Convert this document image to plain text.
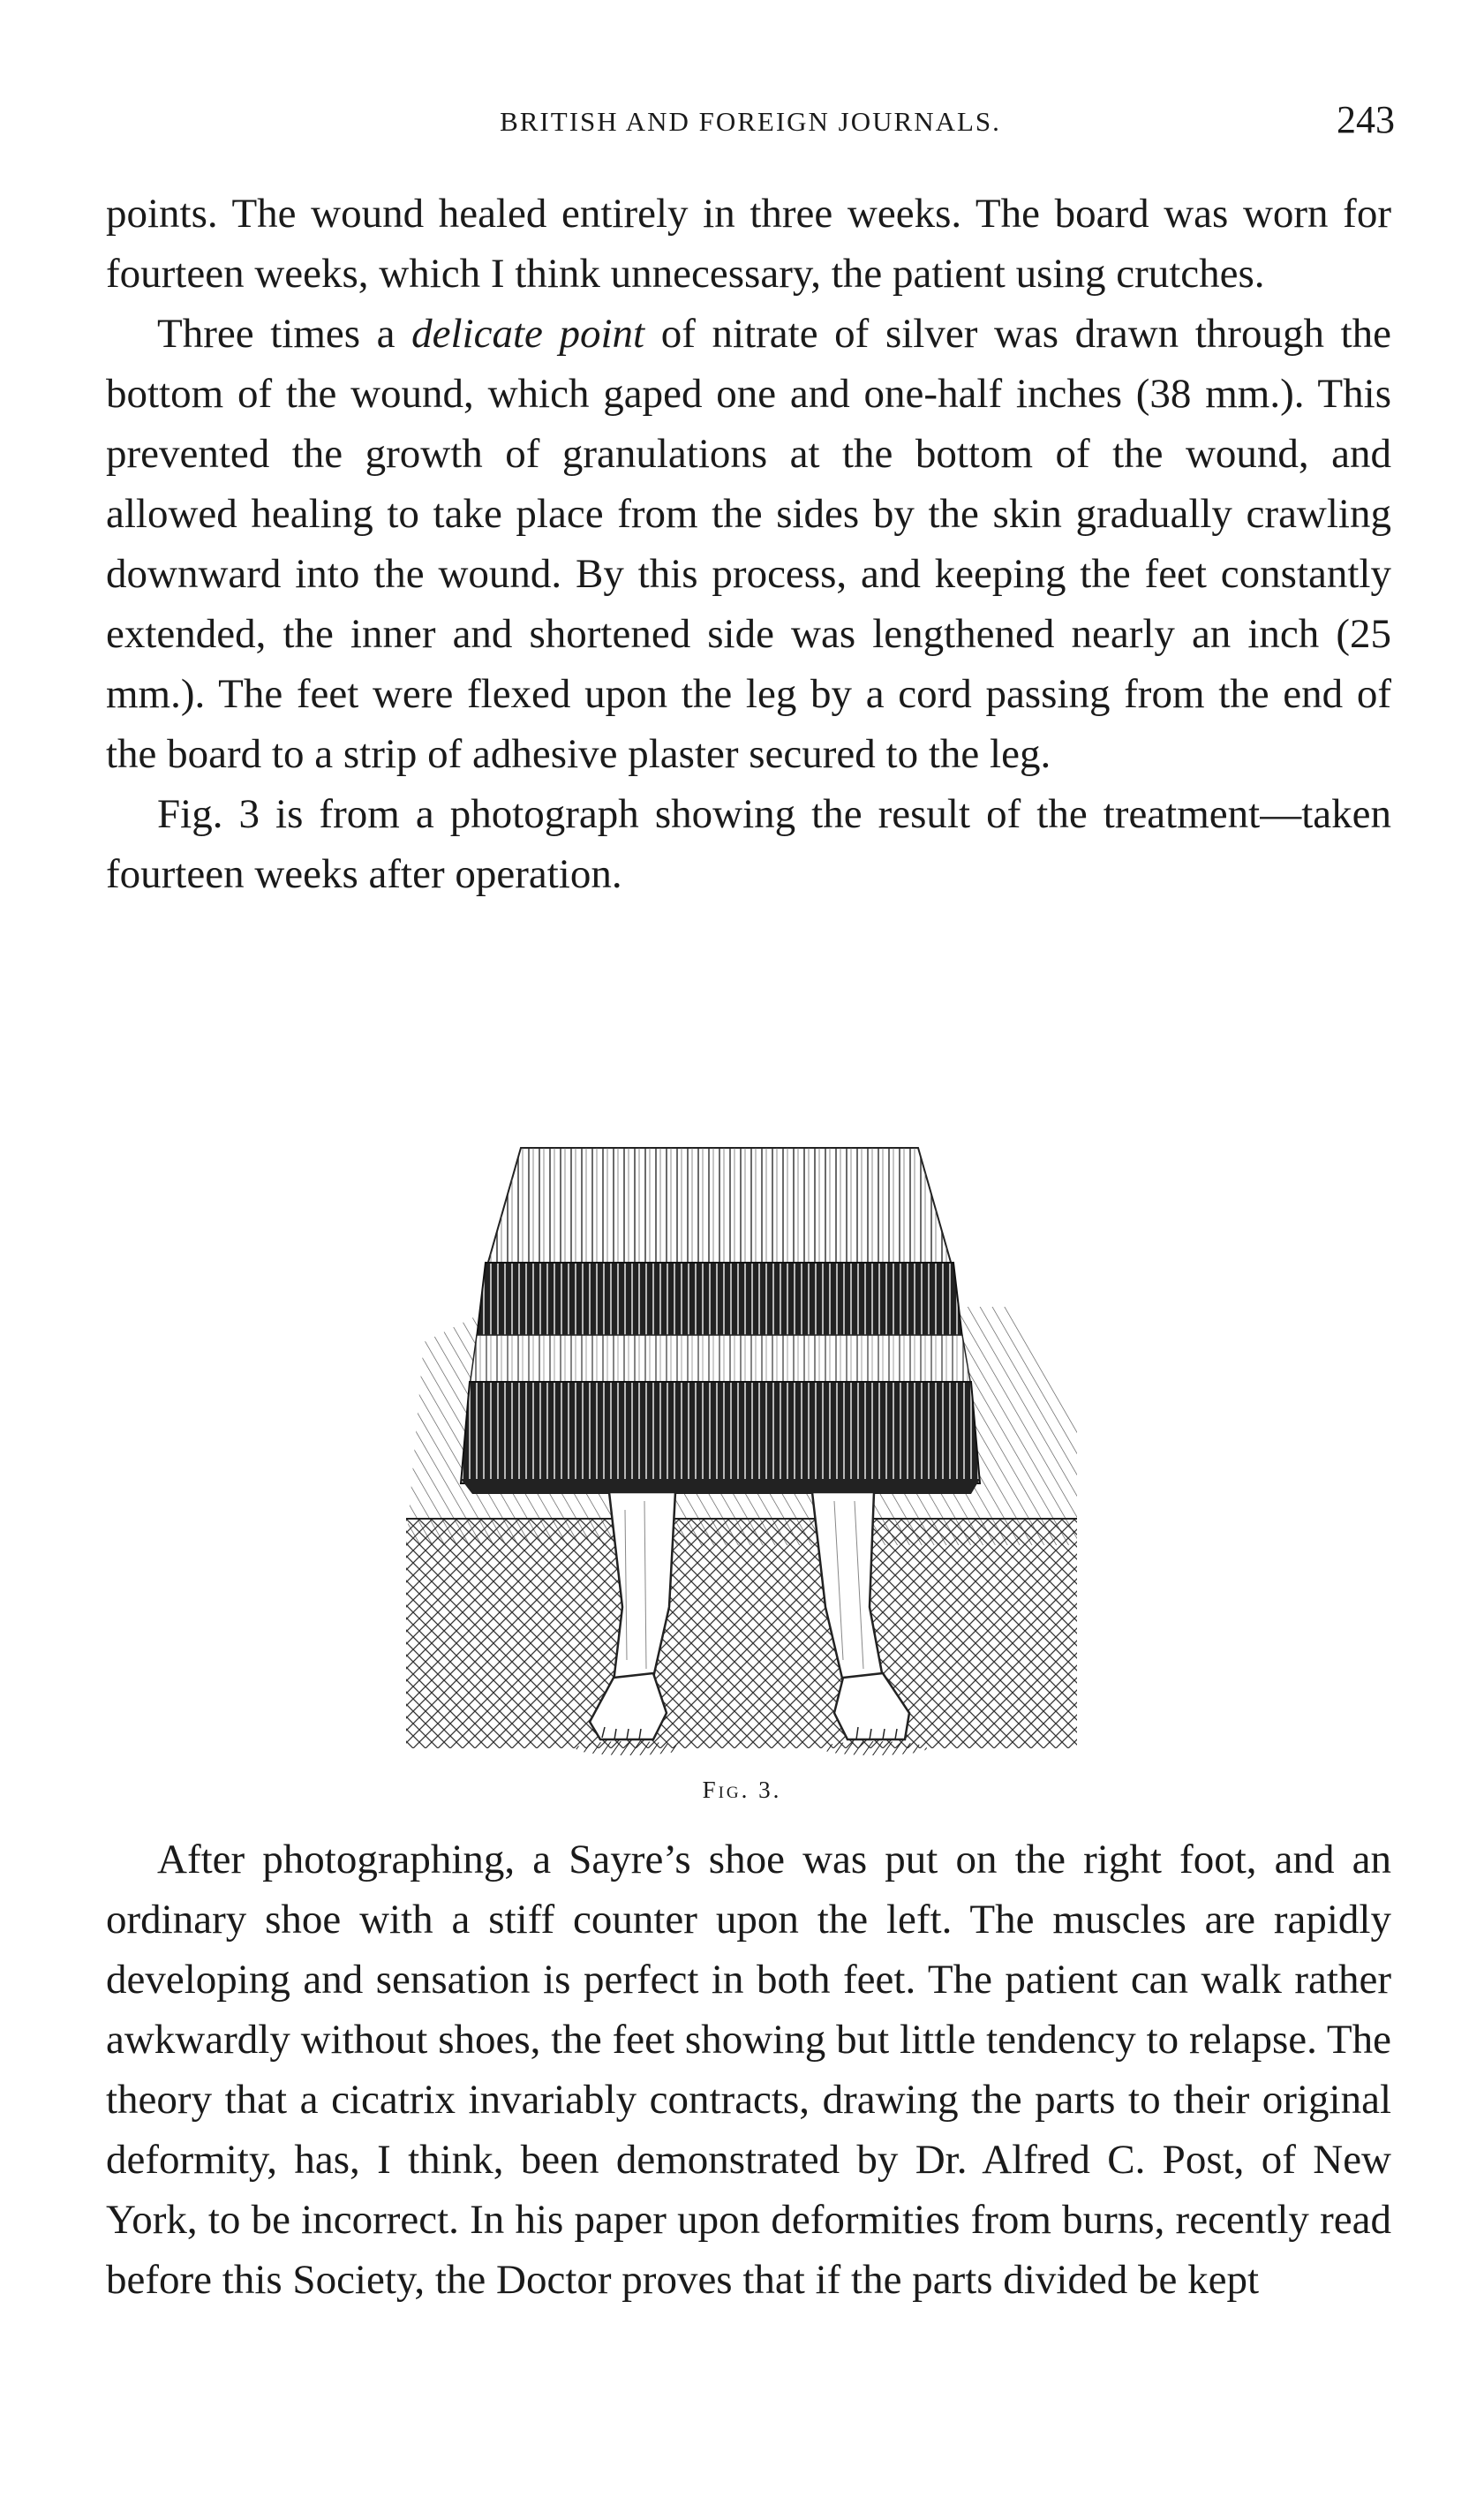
BRITISH AND FOREIGN JOURNALS.	243

points. The wound healed entirely in three weeks. The board was worn for fourteen weeks, which I think unnecessary, the patient using crutches.

Three times a delicate point of nitrate of silver was drawn through the bottom of the wound, which gaped one and one-half inches (38 mm.). This prevented the growth of granulations at the bottom of the wound, and allowed healing to take place from the sides by the skin gradually crawling downward into the wound. By this process, and keeping the feet constantly extended, the inner and shortened side was lengthened nearly an inch (25 mm.). The feet were flexed upon the leg by a cord passing from the end of the board to a strip of adhesive plaster secured to the leg.

Fig. 3 is from a photograph showing the result of the treatment—taken fourteen weeks after operation.

Fig. 3.

After photographing, a Sayre’s shoe was put on the right foot, and an ordinary shoe with a stiff counter upon the left. The muscles are rapidly developing and sensation is perfect in both feet. The patient can walk rather awkwardly without shoes, the feet showing but little tendency to relapse. The theory that a cicatrix invariably contracts, drawing the parts to their original deformity, has, I think, been demonstrated by Dr. Alfred C. Post, of New York, to be incorrect. In his paper upon deformities from burns, recently read before this Society, the Doctor proves that if the parts divided be kept
